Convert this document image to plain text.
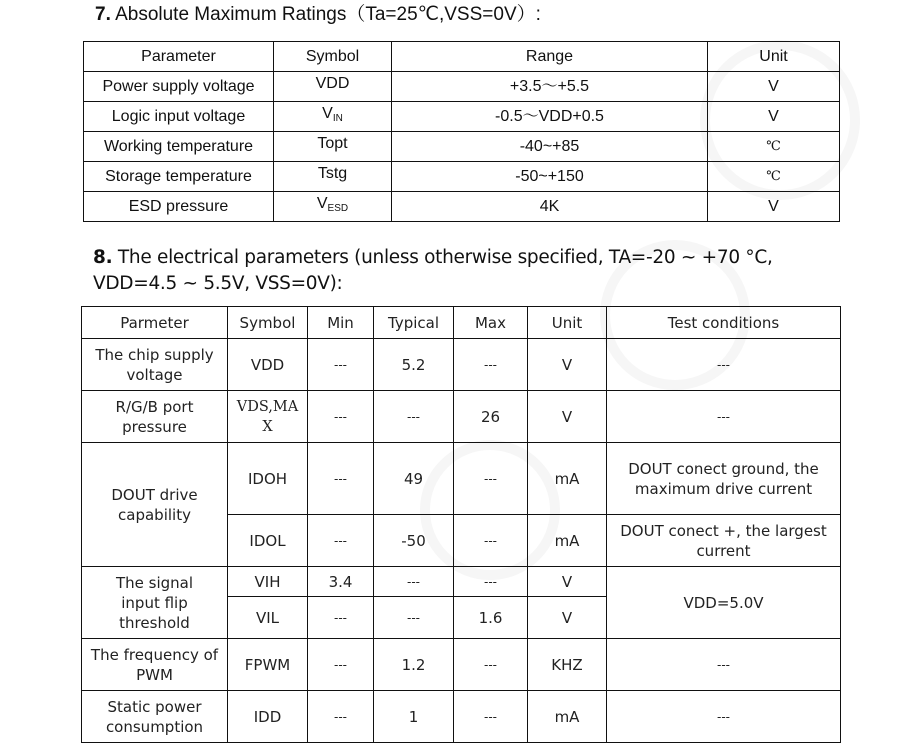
7. Absolute Maximum Ratings（Ta=25℃,VSS=0V）:
Parameter	Symbol	Range	Unit
Power supply voltage	VDD	+3.5～+5.5	V
Logic input voltage	$V_{IN}$	-0.5～VDD+0.5	V
Working temperature	Topt	-40~+85	℃
Storage temperature	Tstg	-50~+150	℃
ESD pressure	$V_{ESD}$	4K	V
8. The electrical parameters (unless otherwise specified, TA=-20 ~ +70 °C, VDD=4.5 ~ 5.5V, VSS=0V):
Parmeter	Symbol	Min	Typical	Max	Unit	Test conditions
The chip supply voltage	VDD	---	5.2	---	V	---
R/G/B port pressure	VDS,MAX	---	---	26	V	---
DOUT drive capability	IDOH	---	49	---	mA	DOUT conect ground, the maximum drive current
	IDOL	---	-50	---	mA	DOUT conect +, the largest current
The signal input flip threshold	VIH	3.4	---	---	V	VDD=5.0V
	VIL	---	---	1.6	V	
The frequency of PWM	FPWM	---	1.2	---	KHZ	---
Static power consumption	IDD	---	1	---	mA	---
